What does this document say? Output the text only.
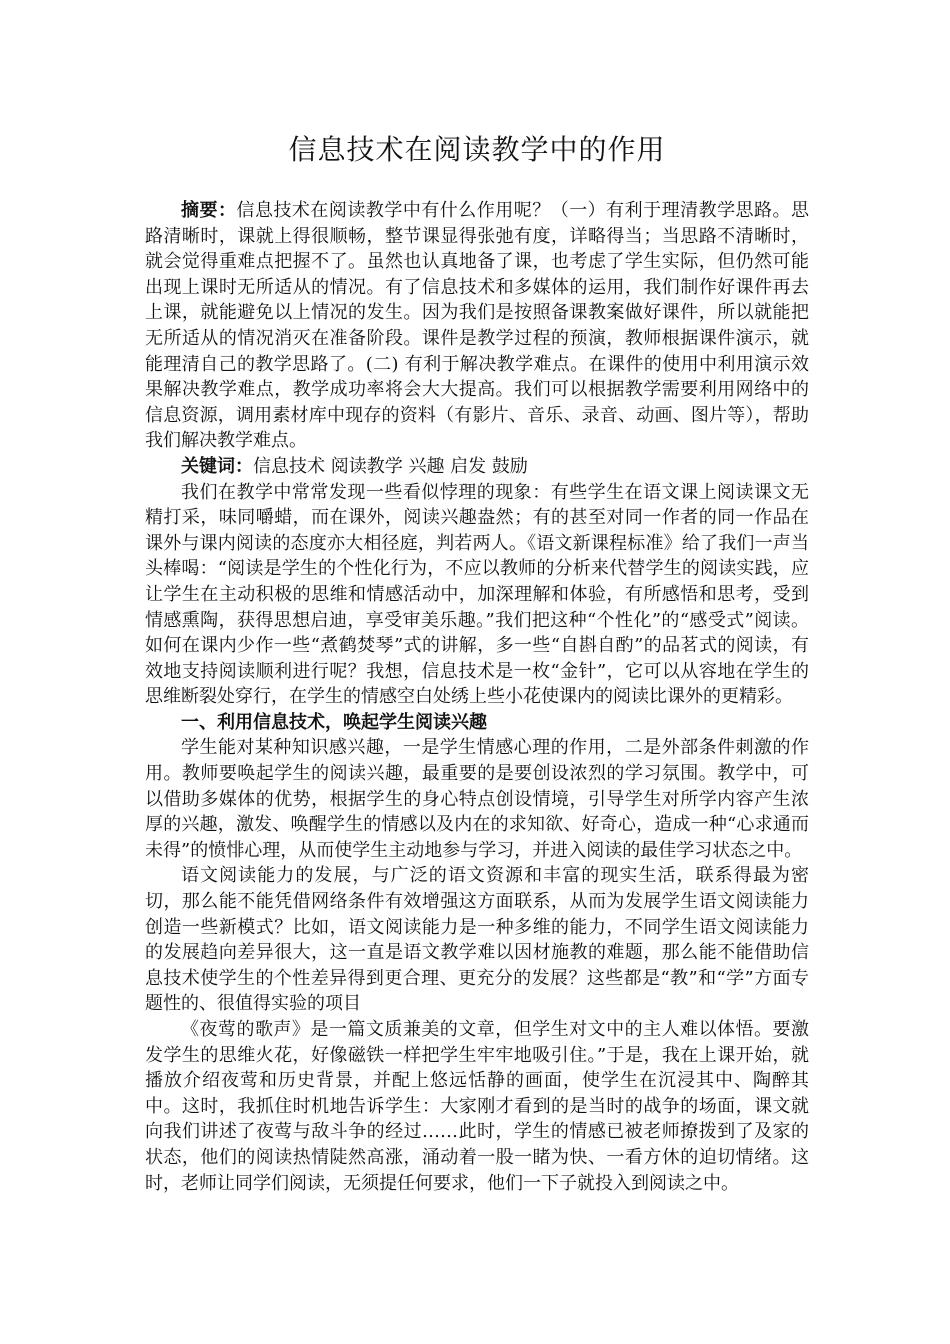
信息技术在阅读教学中的作用

摘要：信息技术在阅读教学中有什么作用呢？（一）有利于理清教学思路。思路清晰时，课就上得很顺畅，整节课显得张弛有度，详略得当；当思路不清晰时，就会觉得重难点把握不了。虽然也认真地备了课，也考虑了学生实际，但仍然可能出现上课时无所适从的情况。有了信息技术和多媒体的运用，我们制作好课件再去上课，就能避免以上情况的发生。因为我们是按照备课教案做好课件，所以就能把无所适从的情况消灭在准备阶段。课件是教学过程的预演，教师根据课件演示，就能理清自己的教学思路了。(二) 有利于解决教学难点。在课件的使用中利用演示效果解决教学难点，教学成功率将会大大提高。我们可以根据教学需要利用网络中的信息资源，调用素材库中现存的资料（有影片、音乐、录音、动画、图片等），帮助我们解决教学难点。

关键词：信息技术 阅读教学 兴趣 启发 鼓励

我们在教学中常常发现一些看似悖理的现象：有些学生在语文课上阅读课文无精打采，味同嚼蜡，而在课外，阅读兴趣盎然；有的甚至对同一作者的同一作品在课外与课内阅读的态度亦大相径庭，判若两人。《语文新课程标准》给了我们一声当头棒喝：“阅读是学生的个性化行为，不应以教师的分析来代替学生的阅读实践，应让学生在主动积极的思维和情感活动中，加深理解和体验，有所感悟和思考，受到情感熏陶，获得思想启迪，享受审美乐趣。”我们把这种“个性化”的“感受式”阅读。如何在课内少作一些“煮鹤焚琴”式的讲解，多一些“自斟自酌”的品茗式的阅读，有效地支持阅读顺利进行呢？我想，信息技术是一枚“金针”，它可以从容地在学生的思维断裂处穿行，在学生的情感空白处绣上些小花使课内的阅读比课外的更精彩。

一、利用信息技术，唤起学生阅读兴趣

学生能对某种知识感兴趣，一是学生情感心理的作用，二是外部条件刺激的作用。教师要唤起学生的阅读兴趣，最重要的是要创设浓烈的学习氛围。教学中，可以借助多媒体的优势，根据学生的身心特点创设情境，引导学生对所学内容产生浓厚的兴趣，激发、唤醒学生的情感以及内在的求知欲、好奇心，造成一种“心求通而未得”的愤悱心理，从而使学生主动地参与学习，并进入阅读的最佳学习状态之中。

语文阅读能力的发展，与广泛的语文资源和丰富的现实生活，联系得最为密切，那么能不能凭借网络条件有效增强这方面联系，从而为发展学生语文阅读能力创造一些新模式？比如，语文阅读能力是一种多维的能力，不同学生语文阅读能力的发展趋向差异很大，这一直是语文教学难以因材施教的难题，那么能不能借助信息技术使学生的个性差异得到更合理、更充分的发展？这些都是“教”和“学”方面专题性的、很值得实验的项目

《夜莺的歌声》是一篇文质兼美的文章，但学生对文中的主人难以体悟。要激发学生的思维火花，好像磁铁一样把学生牢牢地吸引住。”于是，我在上课开始，就播放介绍夜莺和历史背景，并配上悠远恬静的画面，使学生在沉浸其中、陶醉其中。这时，我抓住时机地告诉学生：大家刚才看到的是当时的战争的场面，课文就向我们讲述了夜莺与敌斗争的经过……此时，学生的情感已被老师撩拨到了及家的状态，他们的阅读热情陡然高涨，涌动着一股一睹为快、一看方休的迫切情绪。这时，老师让同学们阅读，无须提任何要求，他们一下子就投入到阅读之中。
